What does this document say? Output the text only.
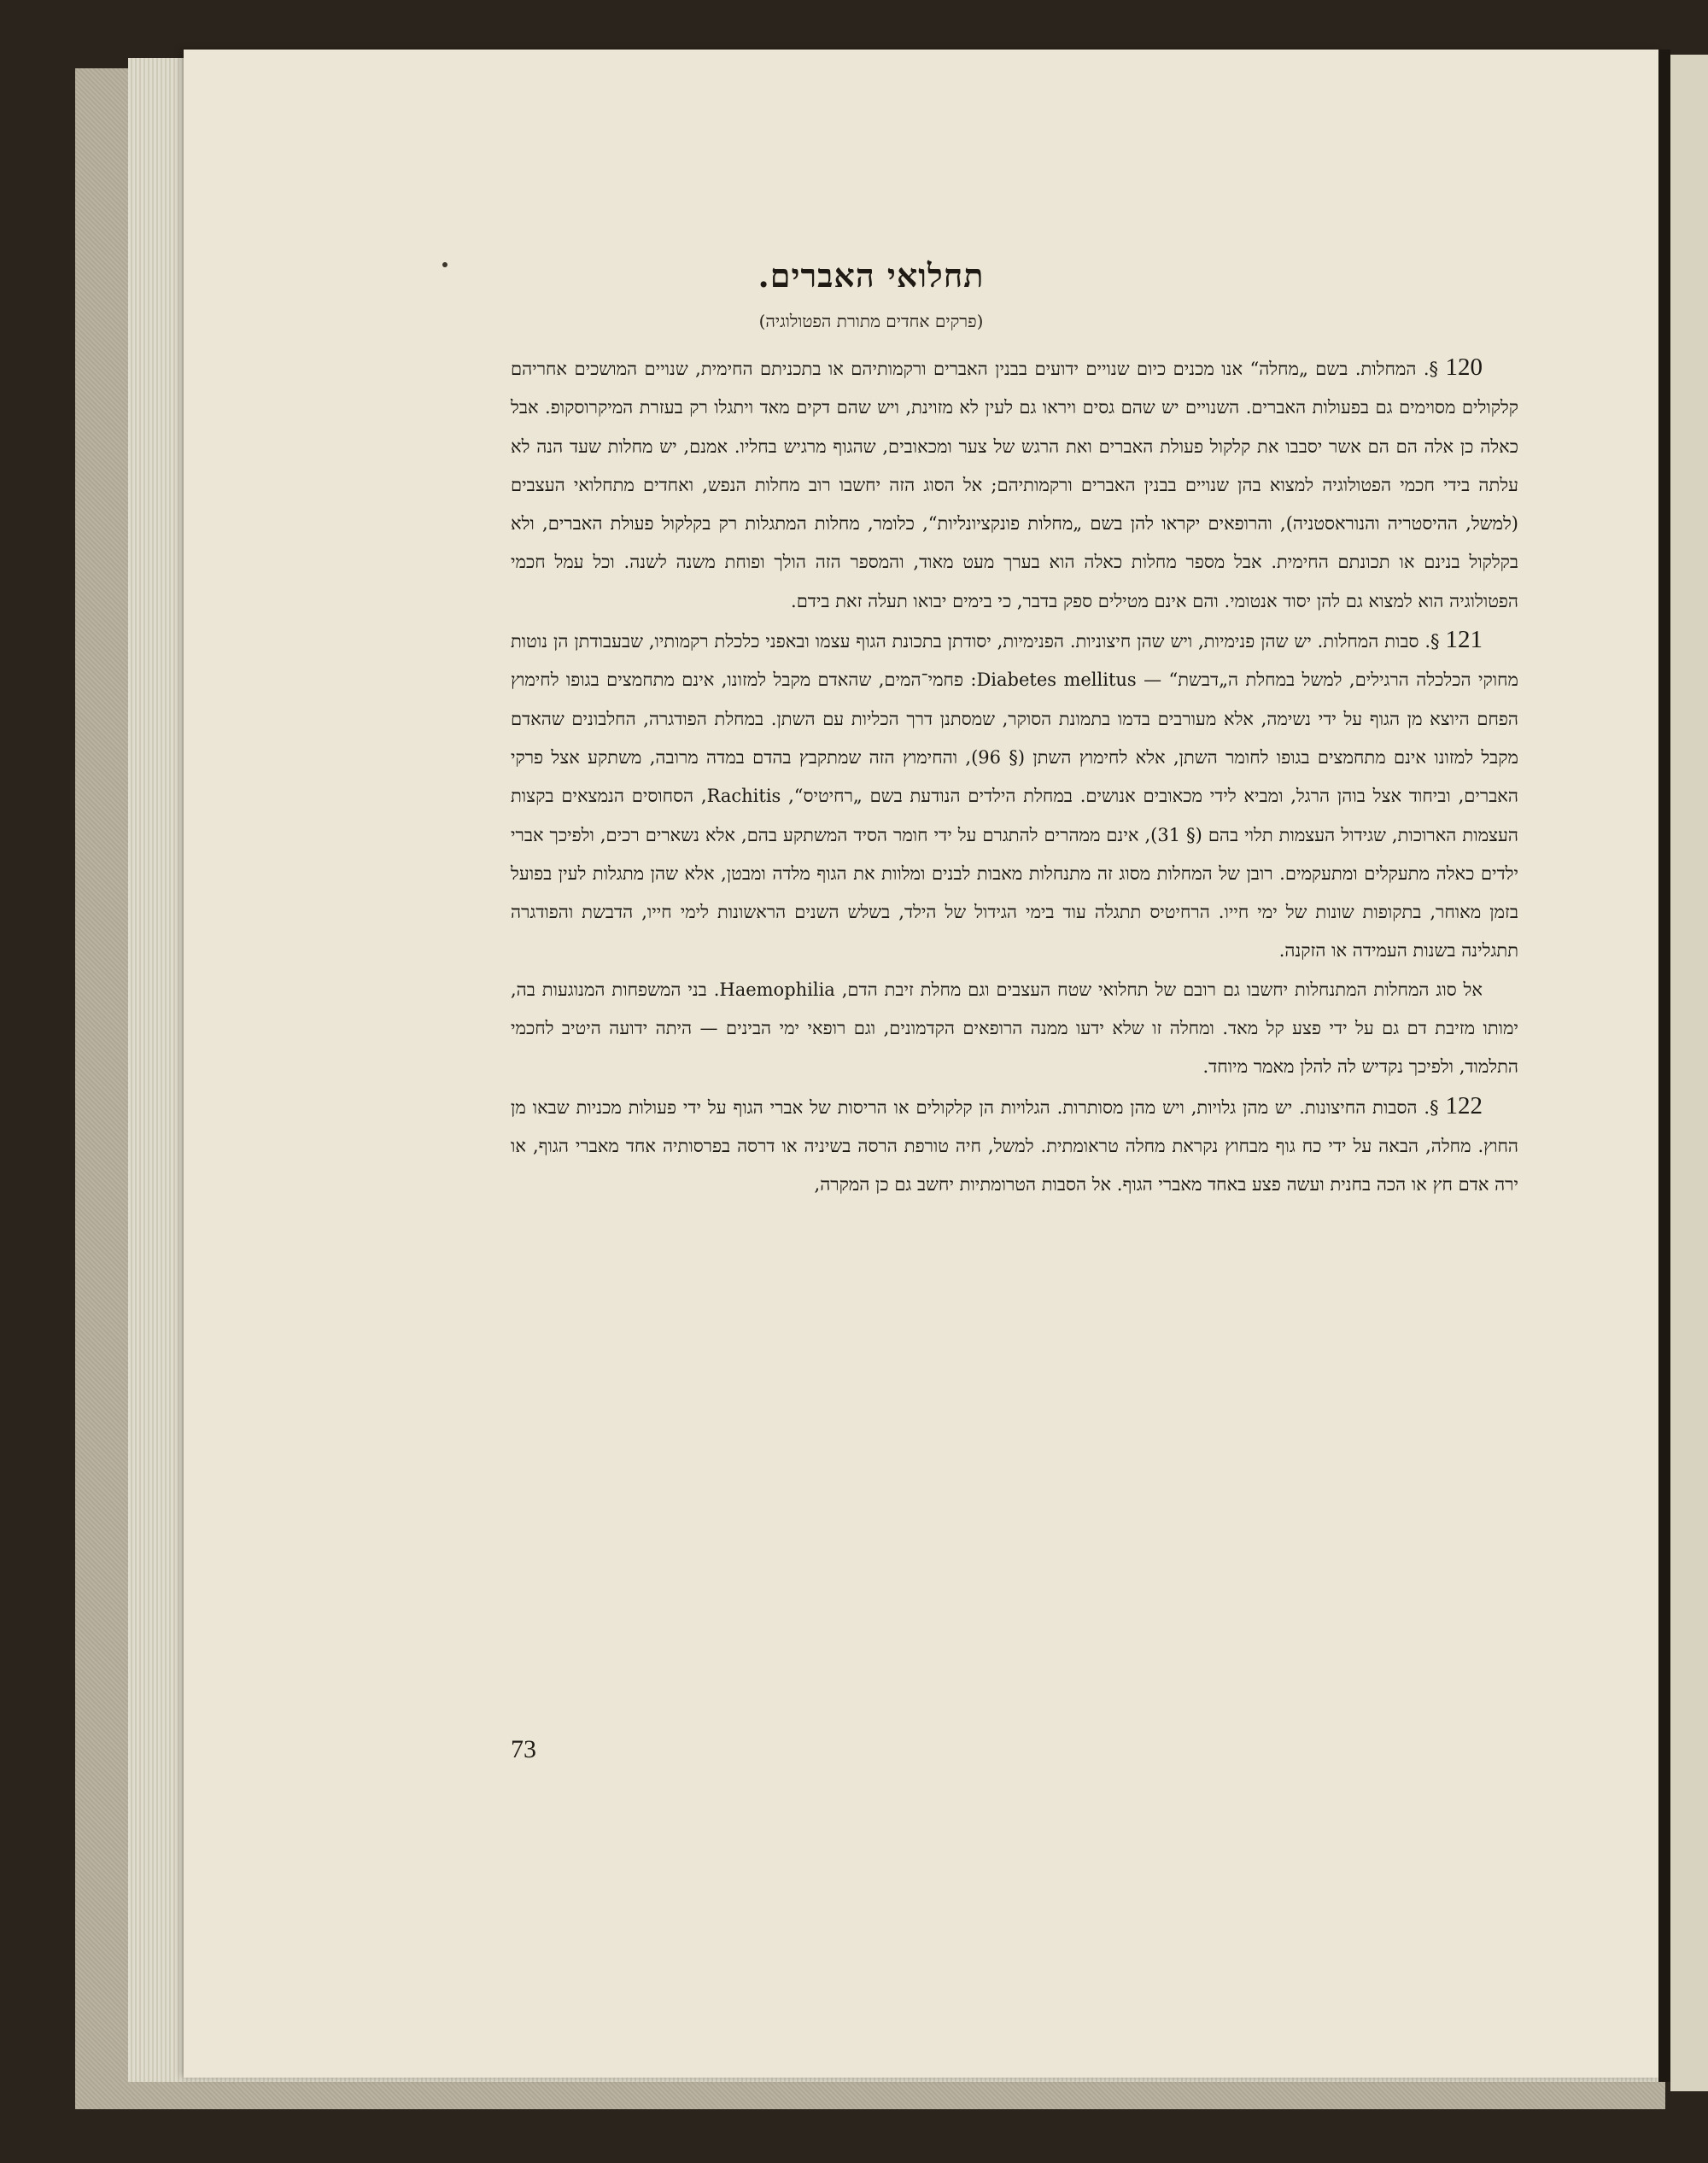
תחלואי האברים.
(פרקים אחדים מתורת הפטולוגיה)

120 §. המחלות. בשם „מחלה“ אנו מכנים כיום שנויים ידועים בבנין האברים ורקמותיהם או בתכניתם החימית, שנויים המושכים אחריהם קלקולים מסוימים גם בפעולות האברים. השנויים יש שהם גסים ויראו גם לעין לא מזוינת, ויש שהם דקים מאד ויתגלו רק בעזרת המיקרוסקופ. אבל כאלה כן אלה הם הם אשר יסבבו את קלקול פעולת האברים ואת הרגש של צער ומכאובים, שהגוף מרגיש בחליו. אמנם, יש מחלות שעד הנה לא עלתה בידי חכמי הפטולוגיה למצוא בהן שנויים בבנין האברים ורקמותיהם; אל הסוג הזה יחשבו רוב מחלות הנפש, ואחדים מתחלואי העצבים (למשל, ההיסטריה והנוראסטניה), והרופאים יקראו להן בשם „מחלות פונקציונליות“, כלומר, מחלות המתגלות רק בקלקול פעולת האברים, ולא בקלקול בנינם או תכונתם החימית. אבל מספר מחלות כאלה הוא בערך מעט מאוד, והמספר הזה הולך ופוחת משנה לשנה. וכל עמל חכמי הפטולוגיה הוא למצוא גם להן יסוד אנטומי. והם אינם מטילים ספק בדבר, כי בימים יבואו תעלה זאת בידם.

121 §. סבות המחלות. יש שהן פנימיות, ויש שהן חיצוניות. הפנימיות, יסודתן בתכונת הגוף עצמו ובאפני כלכלת רקמותיו, שבעבודתן הן נוטות מחוקי הכלכלה הרגילים, למשל במחלת ה„דבשת“ — Diabetes mellitus: פחמי־המים, שהאדם מקבל למזונו, אינם מתחמצים בגופו לחימוץ הפחם היוצא מן הגוף על ידי נשימה, אלא מעורבים בדמו בתמונת הסוקר, שמסתנן דרך הכליות עם השתן. במחלת הפודגרה, החלבונים שהאדם מקבל למזונו אינם מתחמצים בגופו לחומר השתן, אלא לחימוץ השתן (§ 96), והחימוץ הזה שמתקבץ בהדם במדה מרובה, משתקע אצל פרקי האברים, וביחוד אצל בוהן הרגל, ומביא לידי מכאובים אנושים. במחלת הילדים הנודעת בשם „רחיטיס“, Rachitis, הסחוסים הנמצאים בקצות העצמות הארוכות, שגידול העצמות תלוי בהם (§ 31), אינם ממהרים להתגרם על ידי חומר הסיד המשתקע בהם, אלא נשארים רכים, ולפיכך אברי ילדים כאלה מתעקלים ומתעקמים. רובן של המחלות מסוג זה מתנחלות מאבות לבנים ומלוות את הגוף מלדה ומבטן, אלא שהן מתגלות לעין בפועל בזמן מאוחר, בתקופות שונות של ימי חייו. הרחיטיס תתגלה עוד בימי הגידול של הילד, בשלש השנים הראשונות לימי חייו, הדבשת והפודגרה תתגלינה בשנות העמידה או הזקנה.

אל סוג המחלות המתנחלות יחשבו גם רובם של תחלואי שטח העצבים וגם מחלת זיבת הדם, Haemophilia. בני המשפחות המנוגעות בה, ימותו מזיבת דם גם על ידי פצע קל מאד. ומחלה זו שלא ידעו ממנה הרופאים הקדמונים, וגם רופאי ימי הבינים — היתה ידועה היטיב לחכמי התלמוד, ולפיכך נקדיש לה להלן מאמר מיוחד.

122 §. הסבות החיצונות. יש מהן גלויות, ויש מהן מסותרות. הגלויות הן קלקולים או הריסות של אברי הגוף על ידי פעולות מכניות שבאו מן החוץ. מחלה, הבאה על ידי כח גוף מבחוץ נקראת מחלה טראומתית. למשל, חיה טורפת הרסה בשיניה או דרסה בפרסותיה אחד מאברי הגוף, או ירה אדם חץ או הכה בחנית ועשה פצע באחד מאברי הגוף. אל הסבות הטרומתיות יחשב גם כן המקרה,

73
